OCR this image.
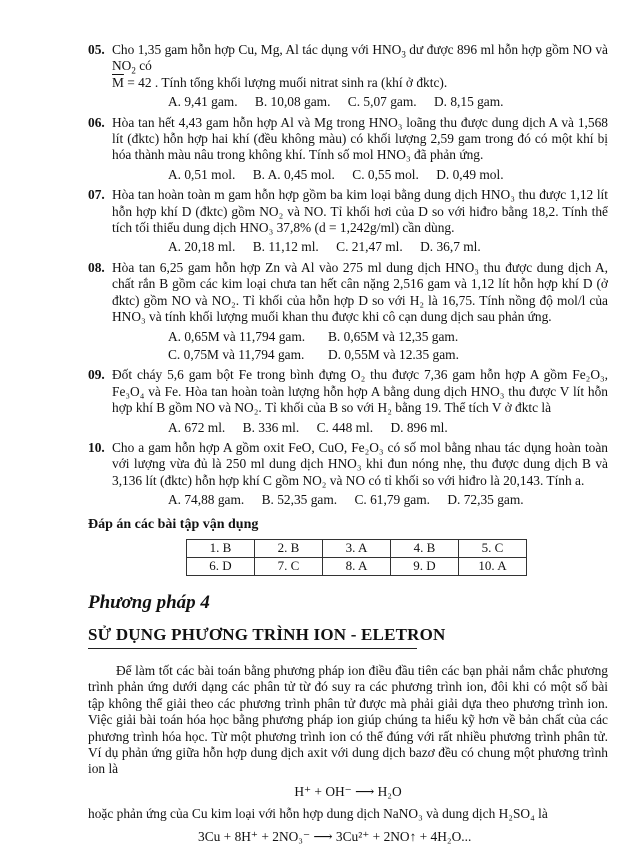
05. Cho 1,35 gam hỗn hợp Cu, Mg, Al tác dụng với $HNO_3$ dư được 896 ml hỗn hợp gồm NO và $NO_2$ có
$\overline{M} = 42$ . Tính tổng khối lượng muối nitrat sinh ra (khí ở đktc).
A. 9,41 gam. B. 10,08 gam. C. 5,07 gam. D. 8,15 gam.
06. Hòa tan hết 4,43 gam hỗn hợp Al và Mg trong HNO₃ loãng thu được dung dịch A và 1,568 lít (đktc) hỗn hợp hai khí (đều không màu) có khối lượng 2,59 gam trong đó có một khí bị hóa thành màu nâu trong không khí. Tính số mol HNO₃ đã phản ứng.
A. 0,51 mol. B. A. 0,45 mol. C. 0,55 mol. D. 0,49 mol.
07. Hòa tan hoàn toàn m gam hỗn hợp gồm ba kim loại bằng dung dịch HNO₃ thu được 1,12 lít hỗn hợp khí D (đktc) gồm NO₂ và NO. Tỉ khối hơi của D so với hiđro bằng 18,2. Tính thể tích tối thiểu dung dịch HNO₃ 37,8% (d = 1,242g/ml) cần dùng.
A. 20,18 ml. B. 11,12 ml. C. 21,47 ml. D. 36,7 ml.
08. Hòa tan 6,25 gam hỗn hợp Zn và Al vào 275 ml dung dịch HNO₃ thu được dung dịch A, chất rắn B gồm các kim loại chưa tan hết cân nặng 2,516 gam và 1,12 lít hỗn hợp khí D (ở đktc) gồm NO và NO₂. Tỉ khối của hỗn hợp D so với H₂ là 16,75. Tính nồng độ mol/l của HNO₃ và tính khối lượng muối khan thu được khi cô cạn dung dịch sau phản ứng.
A. 0,65M và 11,794 gam.	B. 0,65M và 12,35 gam.
C. 0,75M và 11,794 gam.	D. 0,55M và 12.35 gam.
09. Đốt cháy 5,6 gam bột Fe trong bình đựng O₂ thu được 7,36 gam hỗn hợp A gồm Fe₂O₃, Fe₃O₄ và Fe. Hòa tan hoàn toàn lượng hỗn hợp A bằng dung dịch HNO₃ thu được V lít hỗn hợp khí B gồm NO và NO₂. Tỉ khối của B so với H₂ bằng 19. Thể tích V ở đktc là
A. 672 ml. B. 336 ml. C. 448 ml. D. 896 ml.
10. Cho a gam hỗn hợp A gồm oxit FeO, CuO, Fe₂O₃ có số mol bằng nhau tác dụng hoàn toàn với lượng vừa đủ là 250 ml dung dịch HNO₃ khi đun nóng nhẹ, thu được dung dịch B và 3,136 lít (đktc) hỗn hợp khí C gồm NO₂ và NO có tỉ khối so với hiđro là 20,143. Tính a.
A. 74,88 gam. B. 52,35 gam. C. 61,79 gam. D. 72,35 gam.
Đáp án các bài tập vận dụng
1. B	2. B	3. A	4. B	5. C
6. D	7. C	8. A	9. D	10. A
Phương pháp 4
SỬ DỤNG PHƯƠNG TRÌNH ION - ELETRON
Để làm tốt các bài toán bằng phương pháp ion điều đầu tiên các bạn phải nắm chắc phương trình phản ứng dưới dạng các phân tử từ đó suy ra các phương trình ion, đôi khi có một số bài tập không thể giải theo các phương trình phân tử được mà phải giải dựa theo phương trình ion. Việc giải bài toán hóa học bằng phương pháp ion giúp chúng ta hiểu kỹ hơn về bản chất của các phương trình hóa học. Từ một phương trình ion có thể đúng với rất nhiều phương trình phân tử. Ví dụ phản ứng giữa hỗn hợp dung dịch axit với dung dịch bazơ đều có chung một phương trình ion là
H⁺ + OH⁻ ⟶ H₂O
hoặc phản ứng của Cu kim loại với hỗn hợp dung dịch NaNO₃ và dung dịch H₂SO₄ là
3Cu + 8H⁺ + 2NO₃⁻ ⟶ 3Cu²⁺ + 2NO↑ + 4H₂O...
